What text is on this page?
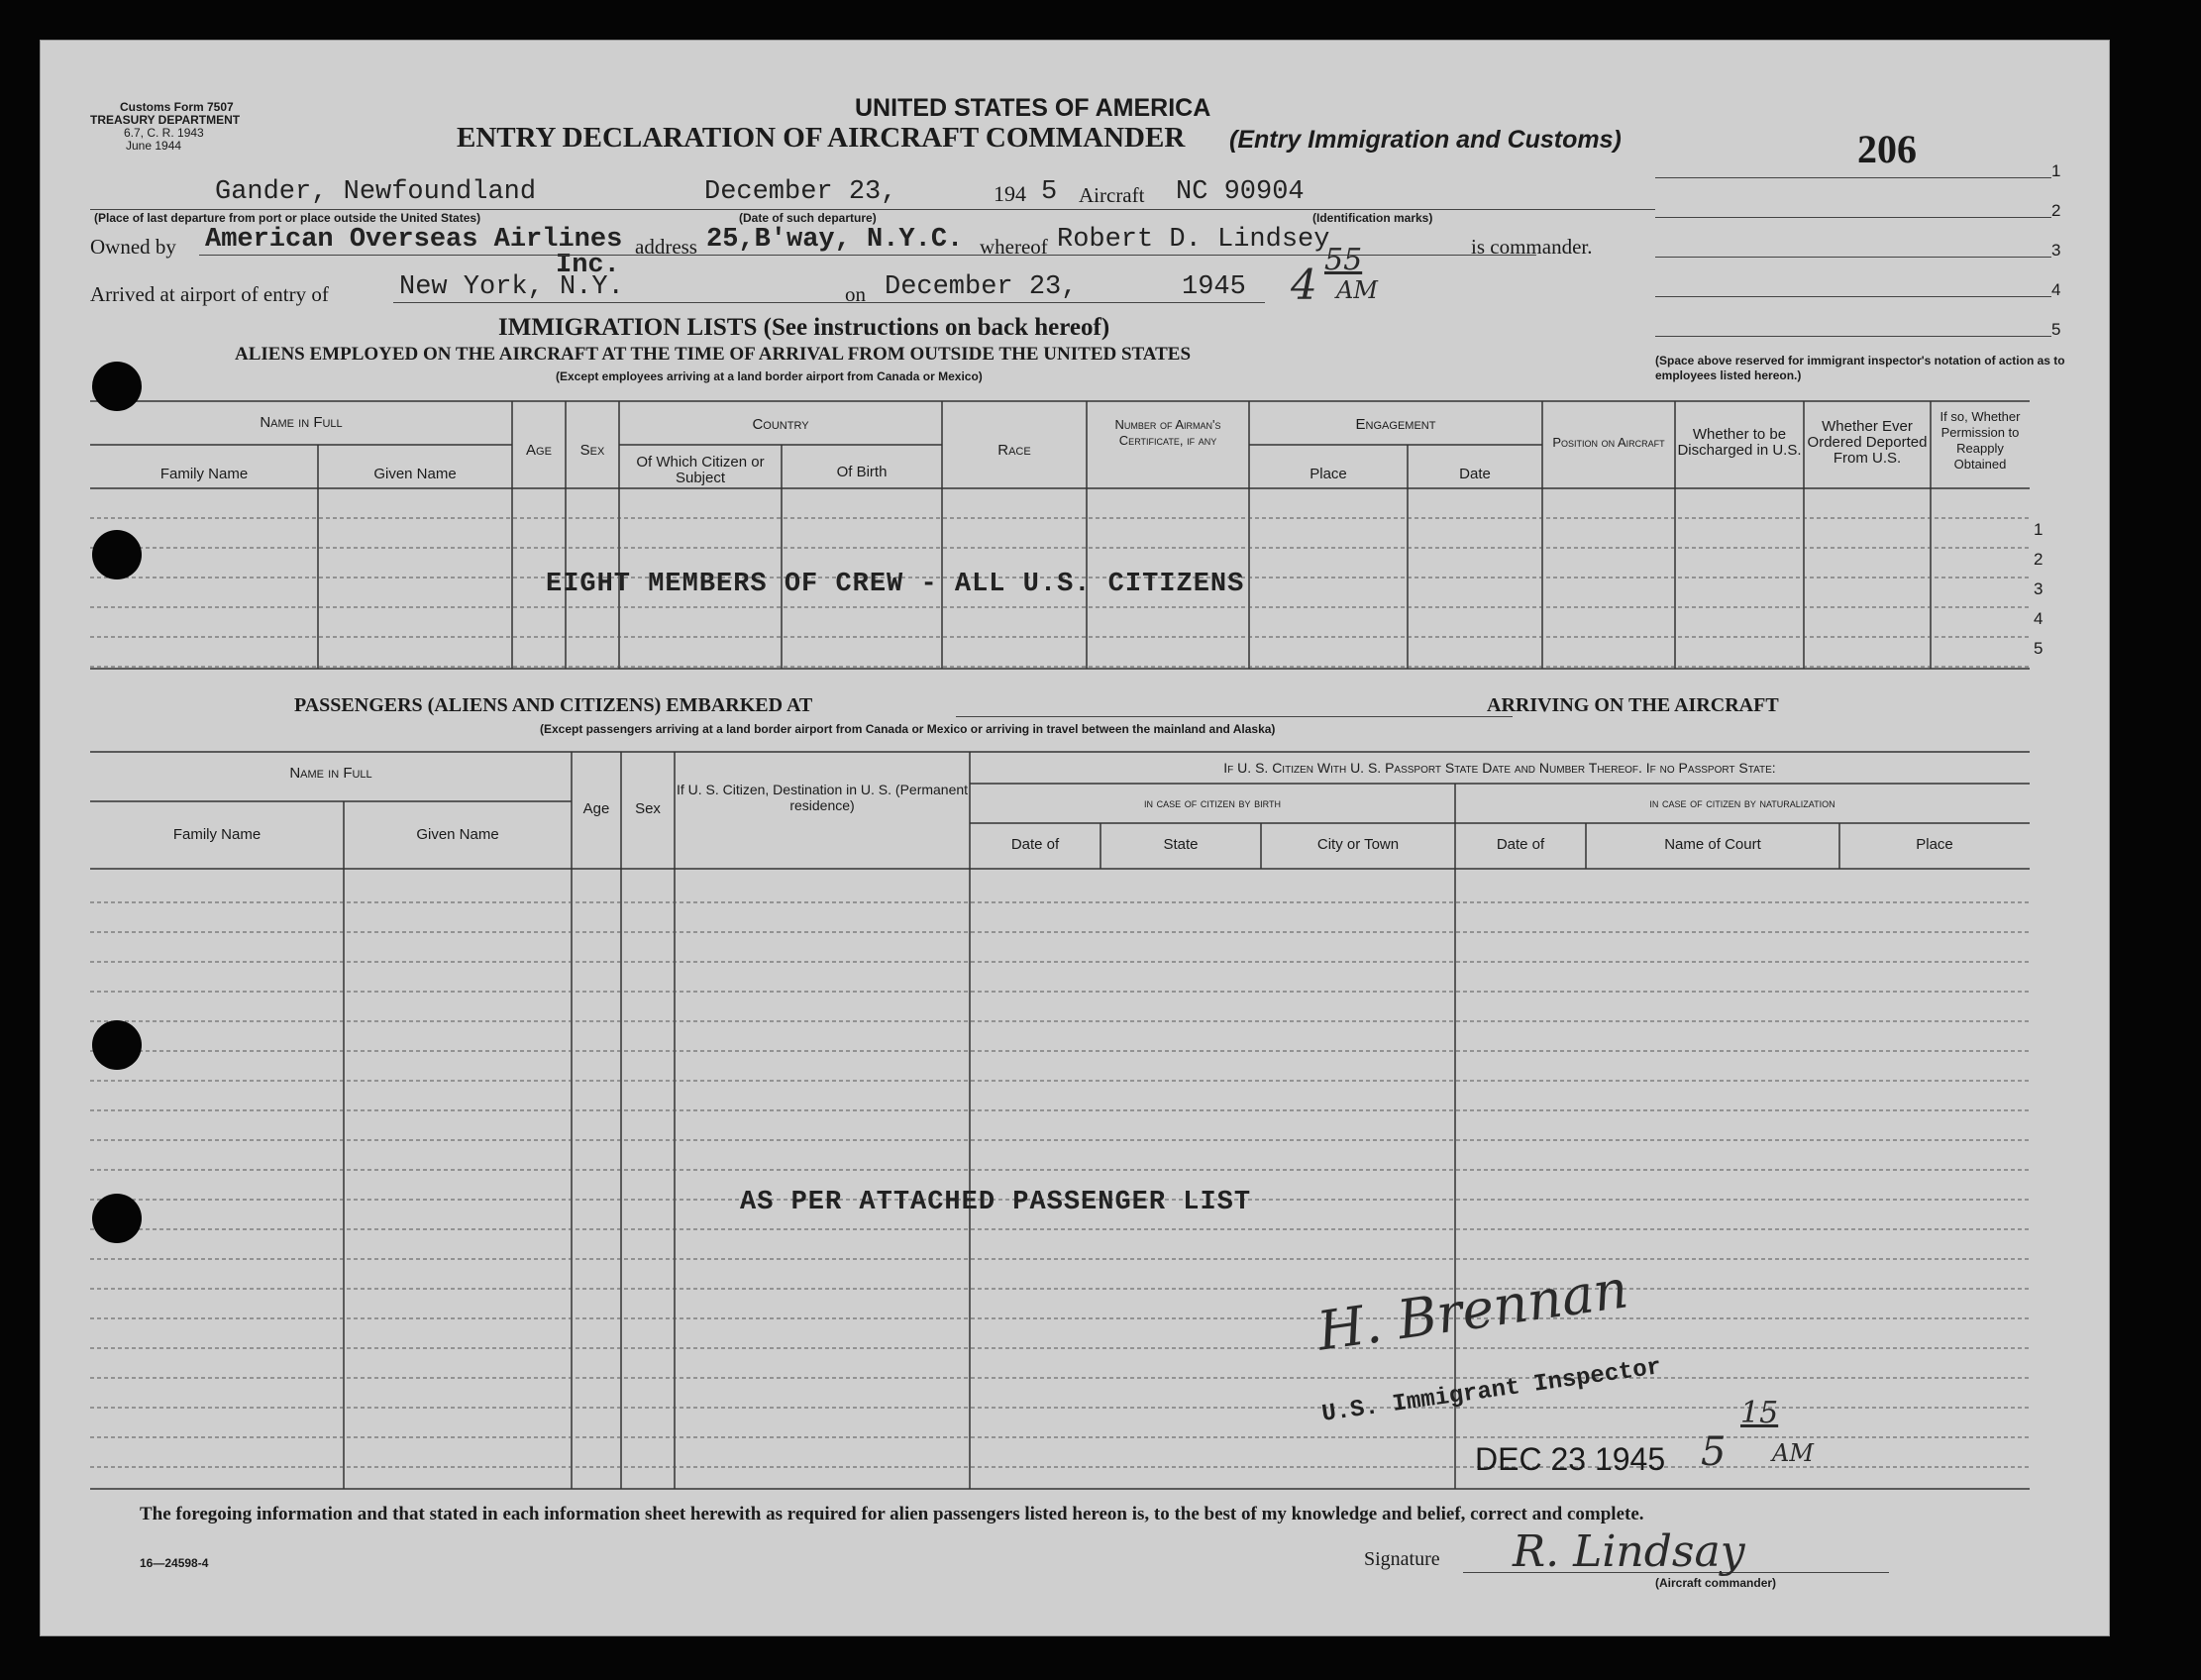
Customs Form 7507
TREASURY DEPARTMENT
6.7, C. R. 1943
June 1944
UNITED STATES OF AMERICA
ENTRY DECLARATION OF AIRCRAFT COMMANDER (Entry Immigration and Customs)	206	1
2
3
4
5
(Space above reserved for immigrant inspector's notation of action as to employees listed hereon.)
Gander, Newfoundland
(Place of last departure from port or place outside the United States)
December 23,
(Date of such departure)
194 5 Aircraft NC 90904
(Identification marks)
Owned by American Overseas Airlines
Inc.
address 25,B'way, N.Y.C. whereof Robert D. Lindsey	is commander.
Arrived at airport of entry of	New York, N.Y.	on December 23,	1945 4
55
AM
IMMIGRATION LISTS (See instructions on back hereof)
ALIENS EMPLOYED ON THE AIRCRAFT AT THE TIME OF ARRIVAL FROM OUTSIDE THE UNITED STATES
(Except employees arriving at a land border airport from Canada or Mexico)
Name in Full
Family Name	Given Name
Age	Sex
Country
Of Which Citizen or Subject	Of Birth
Race
Number of Airman's Certificate, if any
Engagement
Place	Date
Position on Aircraft	Whether to be Discharged in U.S.
Whether Ever Ordered Deported From U.S.
If so, Whether Permission to Reapply Obtained
1
2
3
4
5
EIGHT MEMBERS OF CREW - ALL U.S. CITIZENS
PASSENGERS (ALIENS AND CITIZENS) EMBARKED AT	ARRIVING ON THE AIRCRAFT
(Except passengers arriving at a land border airport from Canada or Mexico or arriving in travel between the mainland and Alaska)
Name in Full
Family Name	Given Name
Age	Sex
If U. S. Citizen, Destination in U. S. (Permanent residence)
If U. S. Citizen With U. S. Passport State Date and Number Thereof. If no Passport State:
in case of citizen by birth	in case of citizen by naturalization
Date of	State	City or Town	Date of	Name of Court	Place
AS PER ATTACHED PASSENGER LIST
H. Brennan
U.S. Immigrant Inspector
DEC 23 1945 5
15
AM
The foregoing information and that stated in each information sheet herewith as required for alien passengers listed hereon is, to the best of my knowledge and belief, correct and complete.
16—24598-4	Signature R. Lindsay
(Aircraft commander)
